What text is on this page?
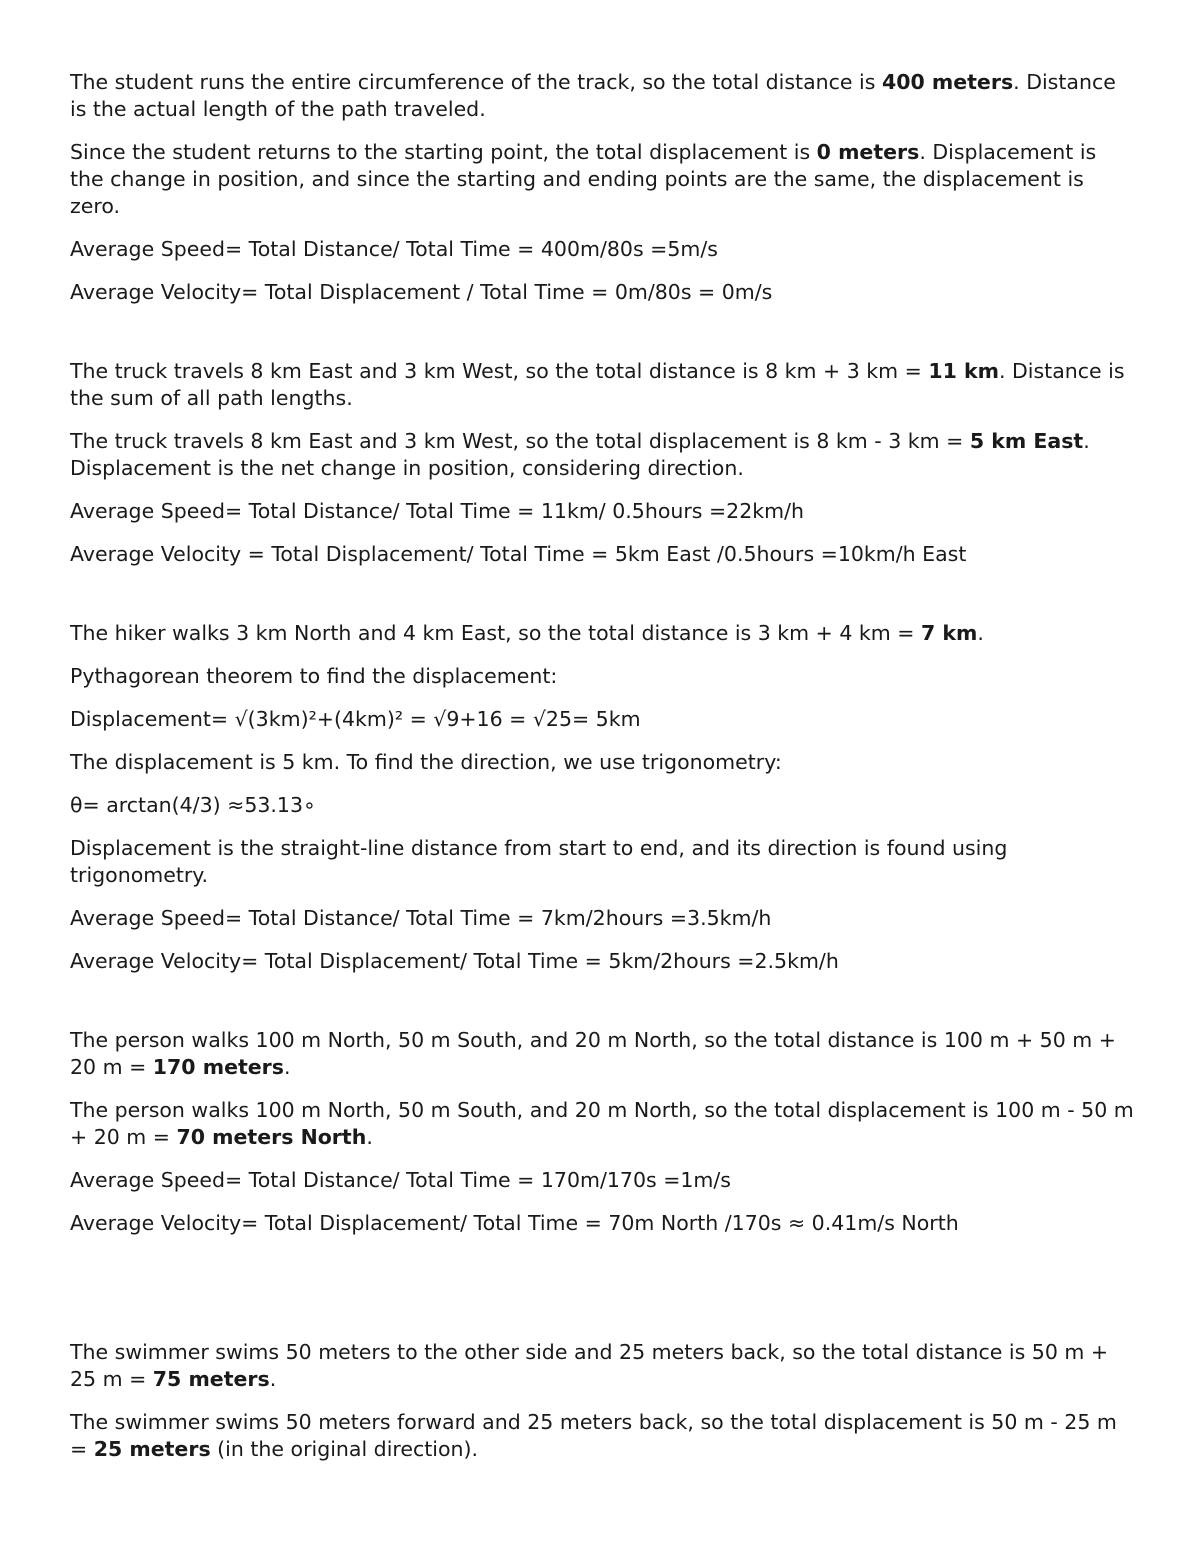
The student runs the entire circumference of the track, so the total distance is 400 meters. Distance is the actual length of the path traveled.

Since the student returns to the starting point, the total displacement is 0 meters. Displacement is the change in position, and since the starting and ending points are the same, the displacement is zero.

Average Speed= Total Distance/ Total Time = 400m/80s =5m/s

Average Velocity= Total Displacement / Total Time = 0m/80s = 0m/s

The truck travels 8 km East and 3 km West, so the total distance is 8 km + 3 km = 11 km. Distance is the sum of all path lengths.

The truck travels 8 km East and 3 km West, so the total displacement is 8 km - 3 km = 5 km East. Displacement is the net change in position, considering direction.

Average Speed= Total Distance/ Total Time = 11km/ 0.5hours =22km/h

Average Velocity = Total Displacement/ Total Time = 5km East /0.5hours =10km/h East

The hiker walks 3 km North and 4 km East, so the total distance is 3 km + 4 km = 7 km.

Pythagorean theorem to find the displacement:

Displacement= √(3km)²+(4km)² = √9+16 = √25= 5km

The displacement is 5 km. To find the direction, we use trigonometry:

θ= arctan(4/3) ≈53.13∘

Displacement is the straight-line distance from start to end, and its direction is found using trigonometry.

Average Speed= Total Distance/ Total Time = 7km/2hours =3.5km/h

Average Velocity= Total Displacement/ Total Time = 5km/2hours =2.5km/h

The person walks 100 m North, 50 m South, and 20 m North, so the total distance is 100 m + 50 m + 20 m = 170 meters.

The person walks 100 m North, 50 m South, and 20 m North, so the total displacement is 100 m - 50 m + 20 m = 70 meters North.

Average Speed= Total Distance/ Total Time = 170m/170s =1m/s

Average Velocity= Total Displacement/ Total Time = 70m North /170s ≈ 0.41m/s North

The swimmer swims 50 meters to the other side and 25 meters back, so the total distance is 50 m + 25 m = 75 meters.

The swimmer swims 50 meters forward and 25 meters back, so the total displacement is 50 m - 25 m = 25 meters (in the original direction).
